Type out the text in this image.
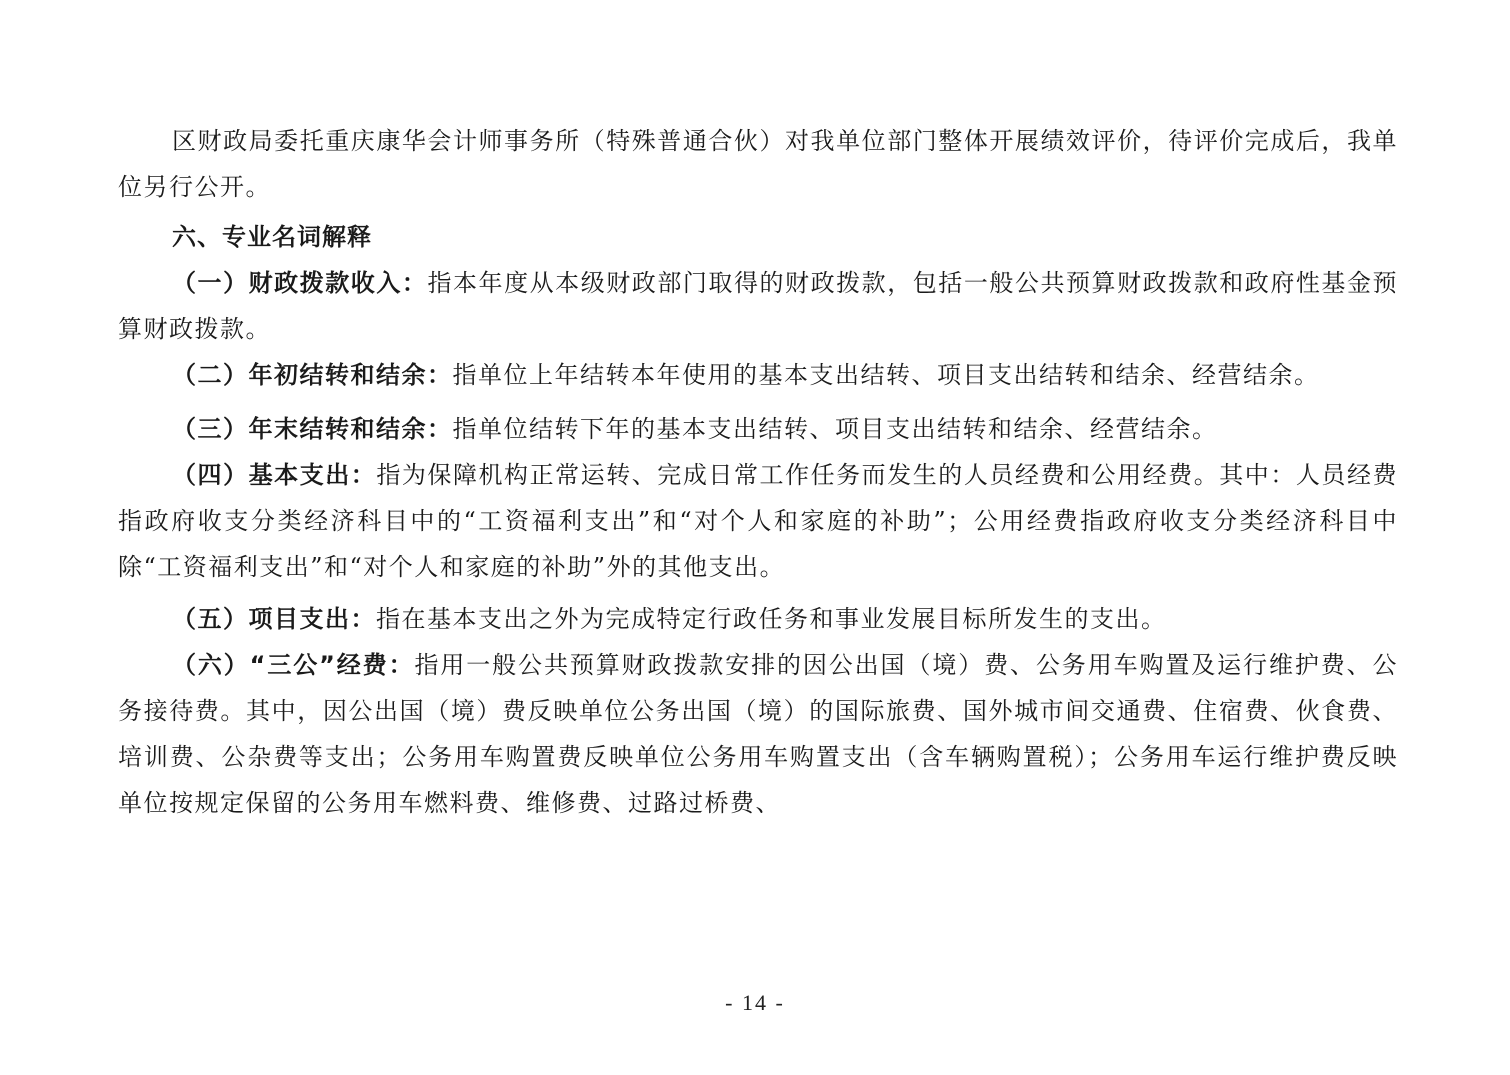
区财政局委托重庆康华会计师事务所（特殊普通合伙）对我单位部门整体开展绩效评价，待评价完成后，我单位另行公开。

六、专业名词解释

（一）财政拨款收入：指本年度从本级财政部门取得的财政拨款，包括一般公共预算财政拨款和政府性基金预算财政拨款。

（二）年初结转和结余：指单位上年结转本年使用的基本支出结转、项目支出结转和结余、经营结余。

（三）年末结转和结余：指单位结转下年的基本支出结转、项目支出结转和结余、经营结余。

（四）基本支出：指为保障机构正常运转、完成日常工作任务而发生的人员经费和公用经费。其中：人员经费指政府收支分类经济科目中的“工资福利支出”和“对个人和家庭的补助”；公用经费指政府收支分类经济科目中除“工资福利支出”和“对个人和家庭的补助”外的其他支出。

（五）项目支出：指在基本支出之外为完成特定行政任务和事业发展目标所发生的支出。

（六）“三公”经费：指用一般公共预算财政拨款安排的因公出国（境）费、公务用车购置及运行维护费、公务接待费。其中，因公出国（境）费反映单位公务出国（境）的国际旅费、国外城市间交通费、住宿费、伙食费、培训费、公杂费等支出；公务用车购置费反映单位公务用车购置支出（含车辆购置税）；公务用车运行维护费反映单位按规定保留的公务用车燃料费、维修费、过路过桥费、

- 14 -
